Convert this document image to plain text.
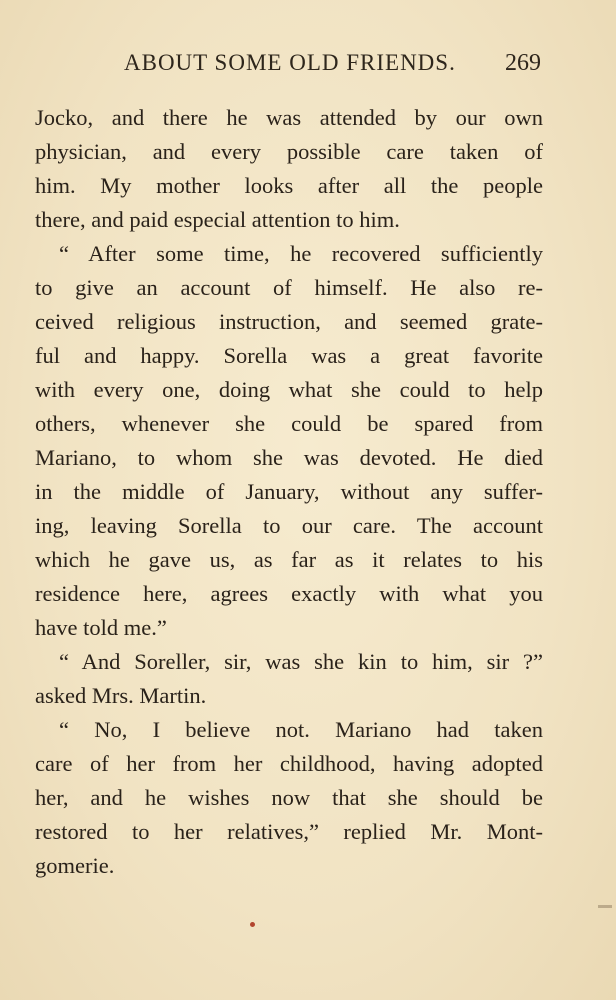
ABOUT SOME OLD FRIENDS. 269
Jocko, and there he was attended by our own
physician, and every possible care taken of
him. My mother looks after all the people
there, and paid especial attention to him.
“ After some time, he recovered sufficiently
to give an account of himself. He also re-
ceived religious instruction, and seemed grate-
ful and happy. Sorella was a great favorite
with every one, doing what she could to help
others, whenever she could be spared from
Mariano, to whom she was devoted. He died
in the middle of January, without any suffer-
ing, leaving Sorella to our care. The account
which he gave us, as far as it relates to his
residence here, agrees exactly with what you
have told me.”
“ And Soreller, sir, was she kin to him, sir ?”
asked Mrs. Martin.
“ No, I believe not. Mariano had taken
care of her from her childhood, having adopted
her, and he wishes now that she should be
restored to her relatives,” replied Mr. Mont-
gomerie.
